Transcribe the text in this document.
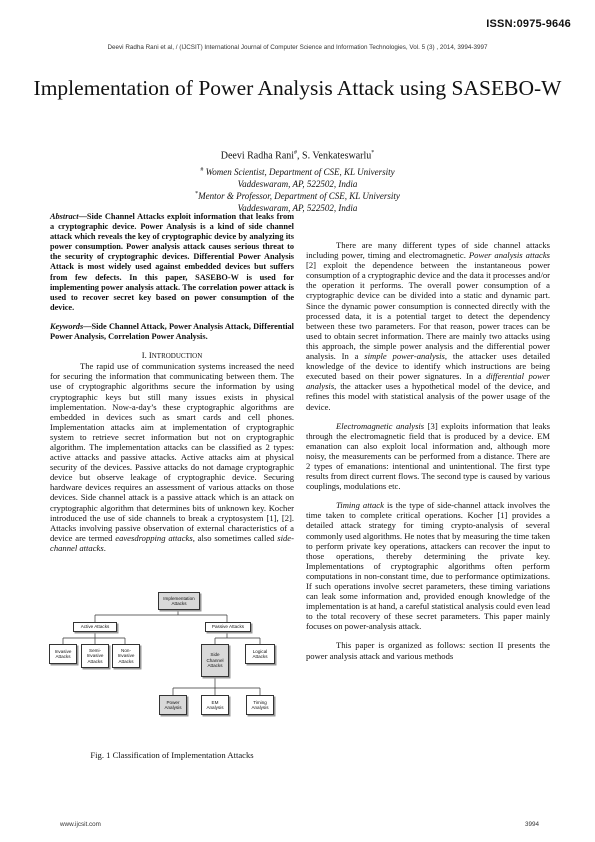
ISSN:0975-9646
Deevi Radha Rani et al, / (IJCSIT) International Journal of Computer Science and Information Technologies, Vol. 5 (3) , 2014, 3994-3997
Implementation of Power Analysis Attack using SASEBO-W
Deevi Radha Rani#, S. Venkateswarlu*
# Women Scientist, Department of CSE, KL University
Vaddeswaram, AP, 522502, India
*Mentor & Professor, Department of CSE, KL University
Vaddeswaram, AP, 522502, India

Abstract—Side Channel Attacks exploit information that leaks from a cryptographic device. Power Analysis is a kind of side channel attack which reveals the key of cryptographic device by analyzing its power consumption. Power analysis attack causes serious threat to the security of cryptographic devices. Differential Power Analysis Attack is most widely used against embedded devices but suffers from few defects. In this paper, SASEBO-W is used for implementing power analysis attack. The correlation power attack is used to recover secret key based on power consumption of the device.

Keywords—Side Channel Attack, Power Analysis Attack, Differential Power Analysis, Correlation Power Analysis.

I. INTRODUCTION

The rapid use of communication systems increased the need for securing the information that communicating between them. The use of cryptographic algorithms secure the information by using cryptographic keys but still many issues exists in physical implementation. Now-a-day’s these cryptographic algorithms are embedded in devices such as smart cards and cell phones. Implementation attacks aim at implementation of cryptographic system to retrieve secret information but not on cryptographic algorithm. The implementation attacks can be classified as 2 types: active attacks and passive attacks. Active attacks aim at physical security of the devices. Passive attacks do not damage cryptographic device but observe leakage of cryptographic device. Securing hardware devices requires an assessment of various attacks on those devices. Side channel attack is a passive attack which is an attack on cryptographic algorithm that determines bits of unknown key. Kocher introduced the use of side channels to break a cryptosystem [1], [2]. Attacks involving passive observation of external characteristics of a device are termed eavesdropping attacks, also sometimes called side-channel attacks.

Implementation Attacks
Active Attacks	Passive Attacks
Invasive Attacks
Semi-Invasive Attacks
Non-Invasive Attacks
Side Channel Attacks
Logical Attacks
Power Analysis
EM Analysis
Timing Analysis
Fig. 1 Classification of Implementation Attacks

There are many different types of side channel attacks including power, timing and electromagnetic. Power analysis attacks [2] exploit the dependence between the instantaneous power consumption of a cryptographic device and the data it processes and/or the operation it performs. The overall power consumption of a cryptographic device can be divided into a static and dynamic part. Since the dynamic power consumption is connected directly with the processed data, it is a potential target to detect the dependency between these two parameters. For that reason, power traces can be used to obtain secret information. There are mainly two attacks using this approach, the simple power analysis and the differential power analysis. In a simple power-analysis, the attacker uses detailed knowledge of the device to identify which instructions are being executed based on their power signatures. In a differential power analysis, the attacker uses a hypothetical model of the device, and refines this model with statistical analysis of the power usage of the device.

Electromagnetic analysis [3] exploits information that leaks through the electromagnetic field that is produced by a device. EM emanation can also exploit local information and, although more noisy, the measurements can be performed from a distance. There are 2 types of emanations: intentional and unintentional. The first type results from direct current flows. The second type is caused by various couplings, modulations etc.

Timing attack is the type of side-channel attack involves the time taken to complete critical operations. Kocher [1] provides a detailed attack strategy for timing crypto-analysis of several commonly used algorithms. He notes that by measuring the time taken to perform private key operations, attackers can recover the input to those operations, thereby determining the private key. Implementations of cryptographic algorithms often perform computations in non-constant time, due to performance optimizations. If such operations involve secret parameters, these timing variations can leak some information and, provided enough knowledge of the implementation is at hand, a careful statistical analysis could even lead to the total recovery of these secret parameters. This paper mainly focuses on power-analysis attack.

This paper is organized as follows: section II presents the power analysis attack and various methods

www.ijcsit.com	3994
